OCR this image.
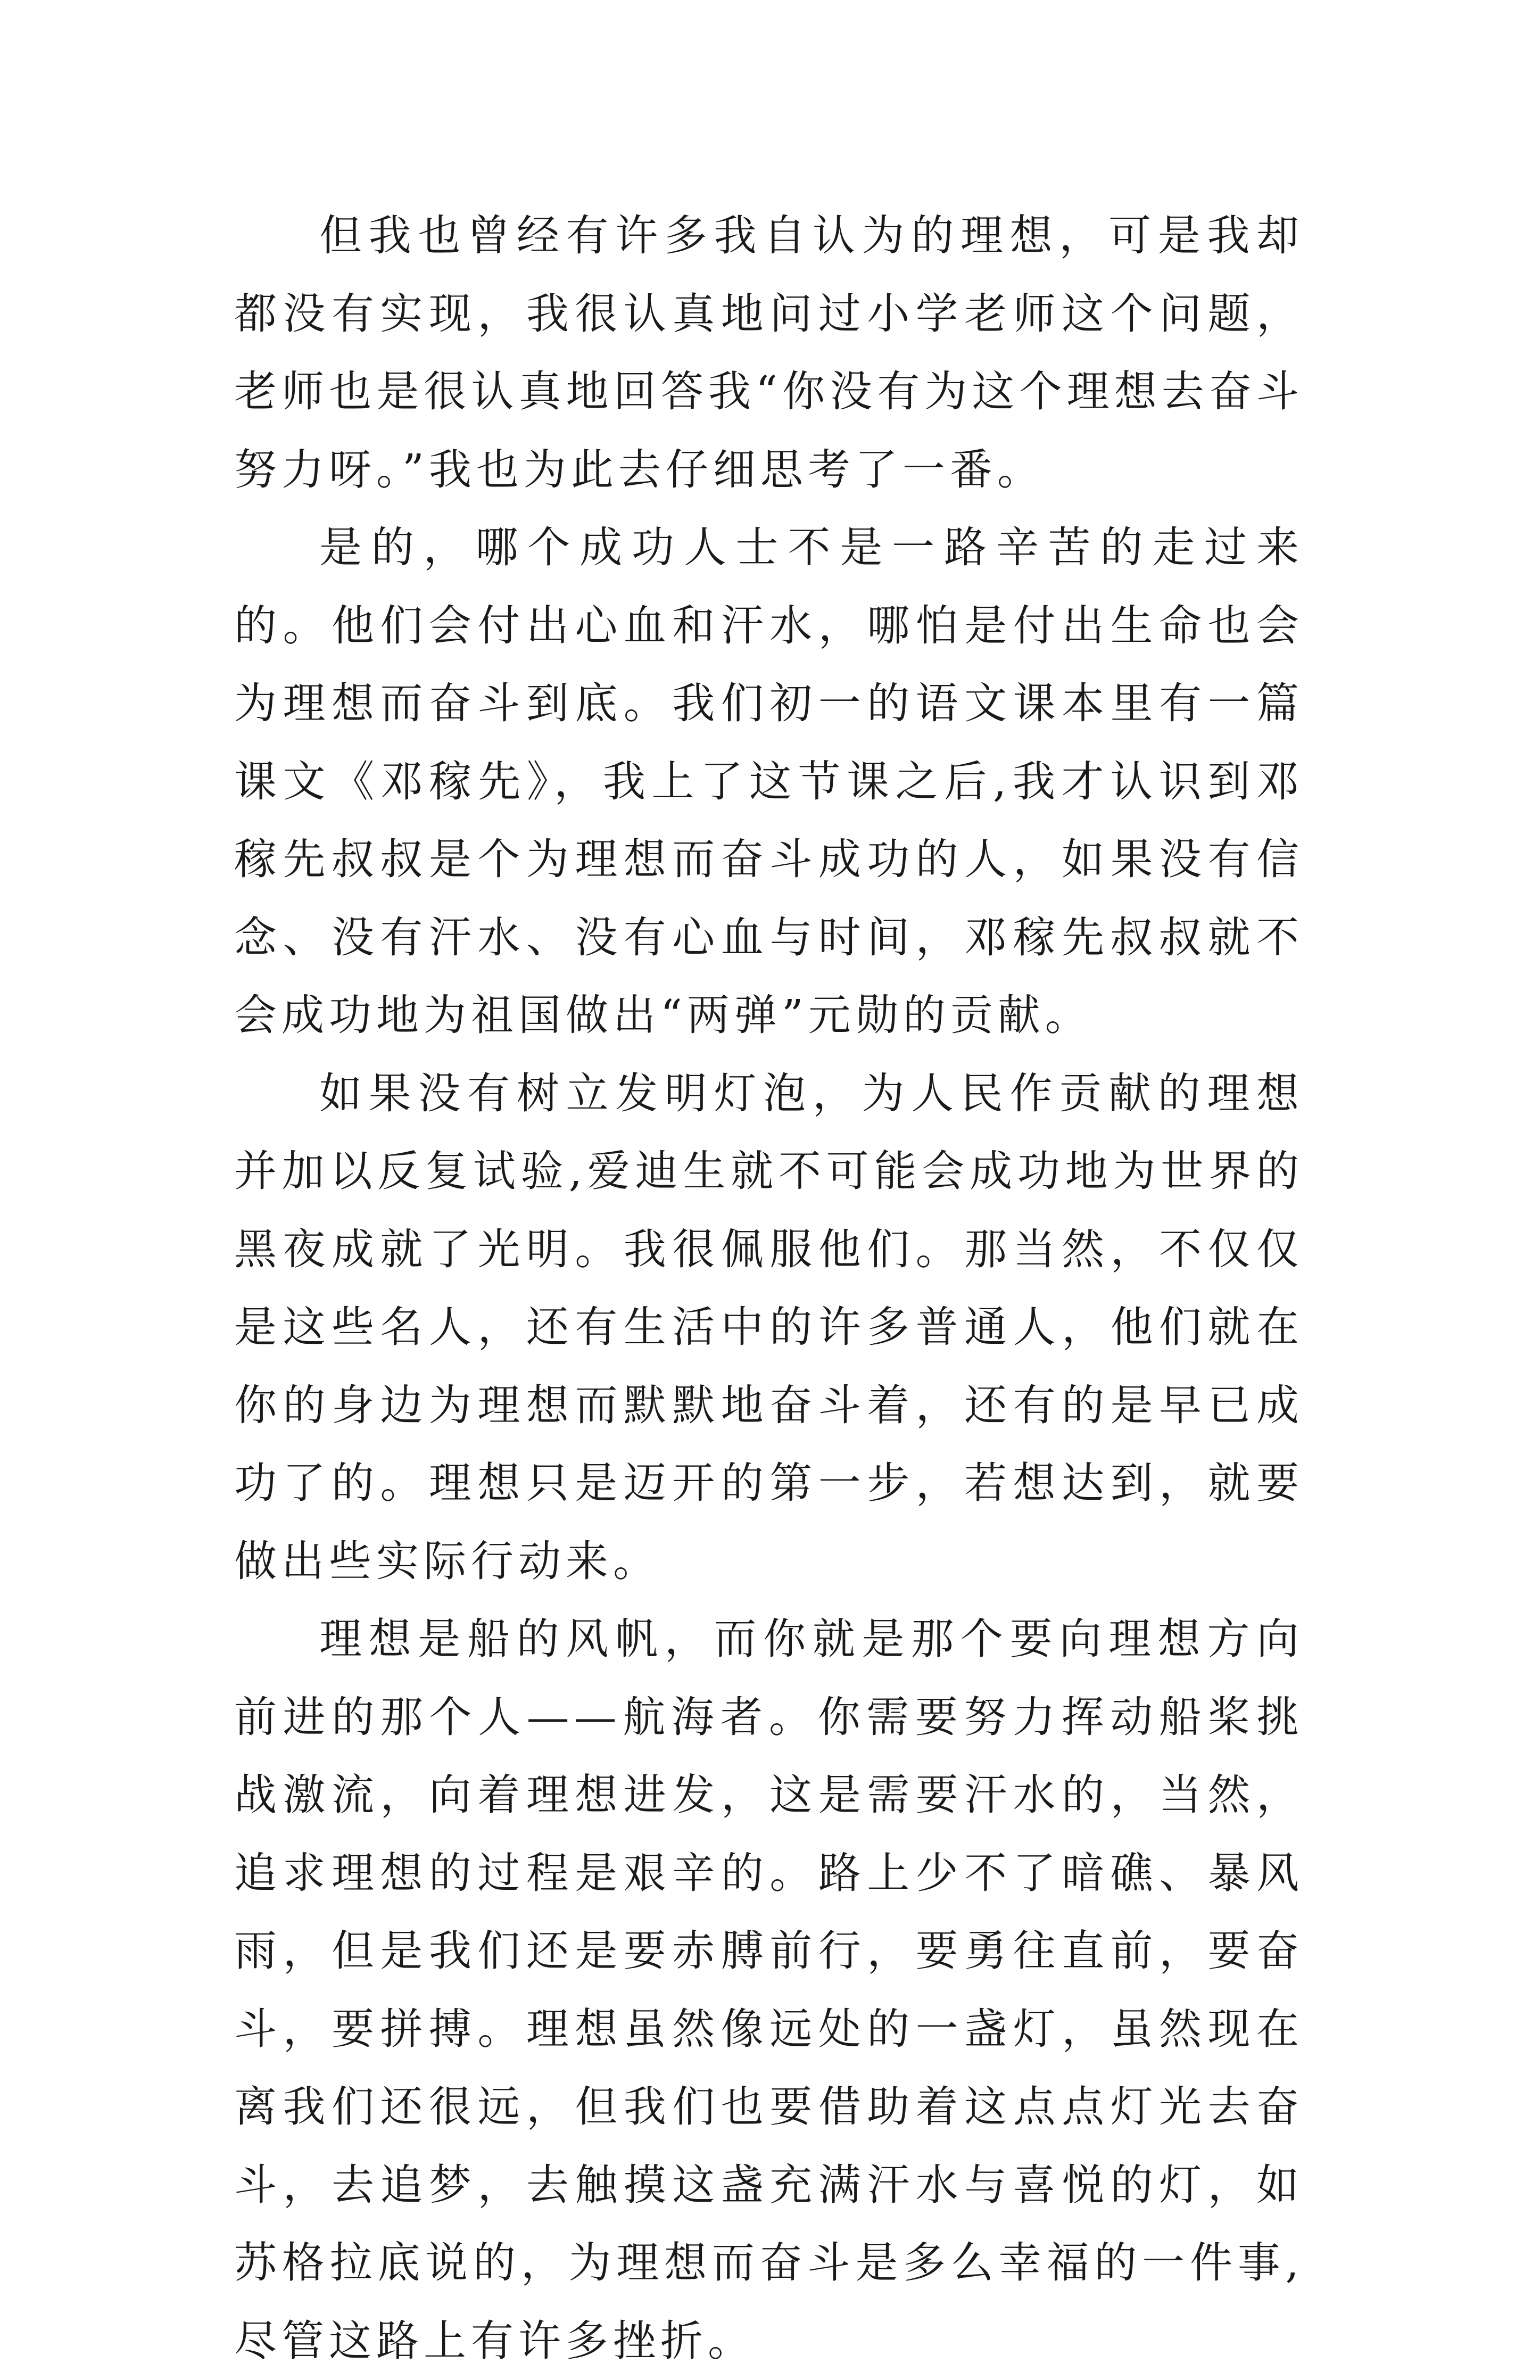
但我也曾经有许多我自认为的理想，可是我却都没有实现，我很认真地问过小学老师这个问题，老师也是很认真地回答我“你没有为这个理想去奋斗努力呀。”我也为此去仔细思考了一番。

是的，哪个成功人士不是一路辛苦的走过来的。他们会付出心血和汗水，哪怕是付出生命也会为理想而奋斗到底。我们初一的语文课本里有一篇课文《邓稼先》，我上了这节课之后,我才认识到邓稼先叔叔是个为理想而奋斗成功的人，如果没有信念、没有汗水、没有心血与时间，邓稼先叔叔就不会成功地为祖国做出“两弹”元勋的贡献。

如果没有树立发明灯泡，为人民作贡献的理想并加以反复试验,爱迪生就不可能会成功地为世界的黑夜成就了光明。我很佩服他们。那当然，不仅仅是这些名人，还有生活中的许多普通人，他们就在你的身边为理想而默默地奋斗着，还有的是早已成功了的。理想只是迈开的第一步，若想达到，就要做出些实际行动来。

理想是船的风帆，而你就是那个要向理想方向前进的那个人——航海者。你需要努力挥动船桨挑战激流，向着理想进发，这是需要汗水的，当然，追求理想的过程是艰辛的。路上少不了暗礁、暴风雨，但是我们还是要赤膊前行，要勇往直前，要奋斗，要拼搏。理想虽然像远处的一盏灯，虽然现在离我们还很远，但我们也要借助着这点点灯光去奋斗，去追梦，去触摸这盏充满汗水与喜悦的灯，如苏格拉底说的，为理想而奋斗是多么幸福的一件事,尽管这路上有许多挫折。
